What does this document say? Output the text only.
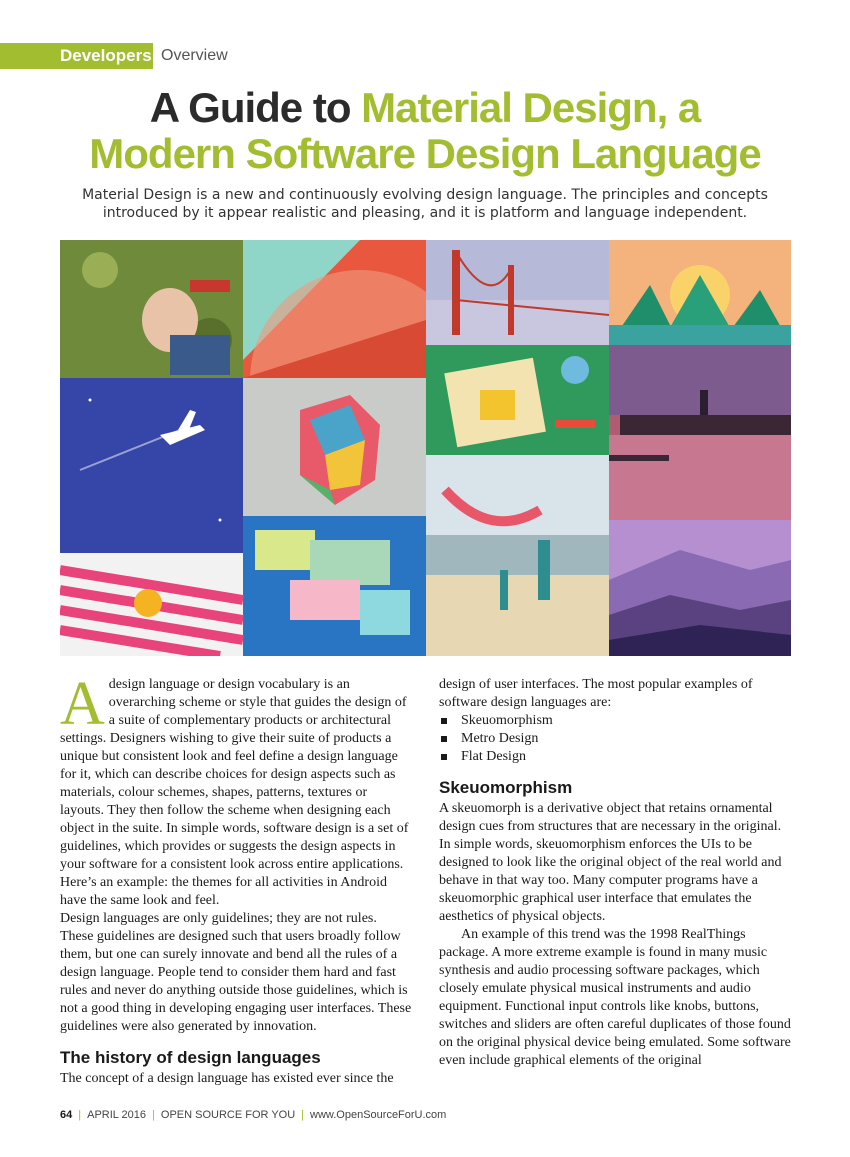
Developers Overview
A Guide to Material Design, a
Modern Software Design Language

Material Design is a new and continuously evolving design language. The principles and concepts
introduced by it appear realistic and pleasing, and it is platform and language independent.

Adesign language or design vocabulary is an overarching scheme or style that guides the design of a suite of complementary products or architectural settings. Designers wishing to give their suite of products a unique but consistent look and feel define a design language for it, which can describe choices for design aspects such as materials, colour schemes, shapes, patterns, textures or layouts. They then follow the scheme when designing each object in the suite. In simple words, software design is a set of guidelines, which provides or suggests the design aspects in your software for a consistent look across entire applications. Here’s an example: the themes for all activities in Android have the same look and feel.

Design languages are only guidelines; they are not rules. These guidelines are designed such that users broadly follow them, but one can surely innovate and bend all the rules of a design language. People tend to consider them hard and fast rules and never do anything outside those guidelines, which is not a good thing in developing engaging user interfaces. These guidelines were also generated by innovation.

The history of design languages

The concept of a design language has existed ever since the

design of user interfaces. The most popular examples of software design languages are:

Skeuomorphism
Metro Design
Flat Design
Skeuomorphism

A skeuomorph is a derivative object that retains ornamental design cues from structures that are necessary in the original. In simple words, skeuomorphism enforces the UIs to be designed to look like the original object of the real world and behave in that way too. Many computer programs have a skeuomorphic graphical user interface that emulates the aesthetics of physical objects.

An example of this trend was the 1998 RealThings package. A more extreme example is found in many music synthesis and audio processing software packages, which closely emulate physical musical instruments and audio equipment. Functional input controls like knobs, buttons, switches and sliders are often careful duplicates of those found on the original physical device being emulated. Some software even include graphical elements of the original

64 | APRIL 2016 | OPEN SOURCE FOR YOU | www.OpenSourceForU.com
